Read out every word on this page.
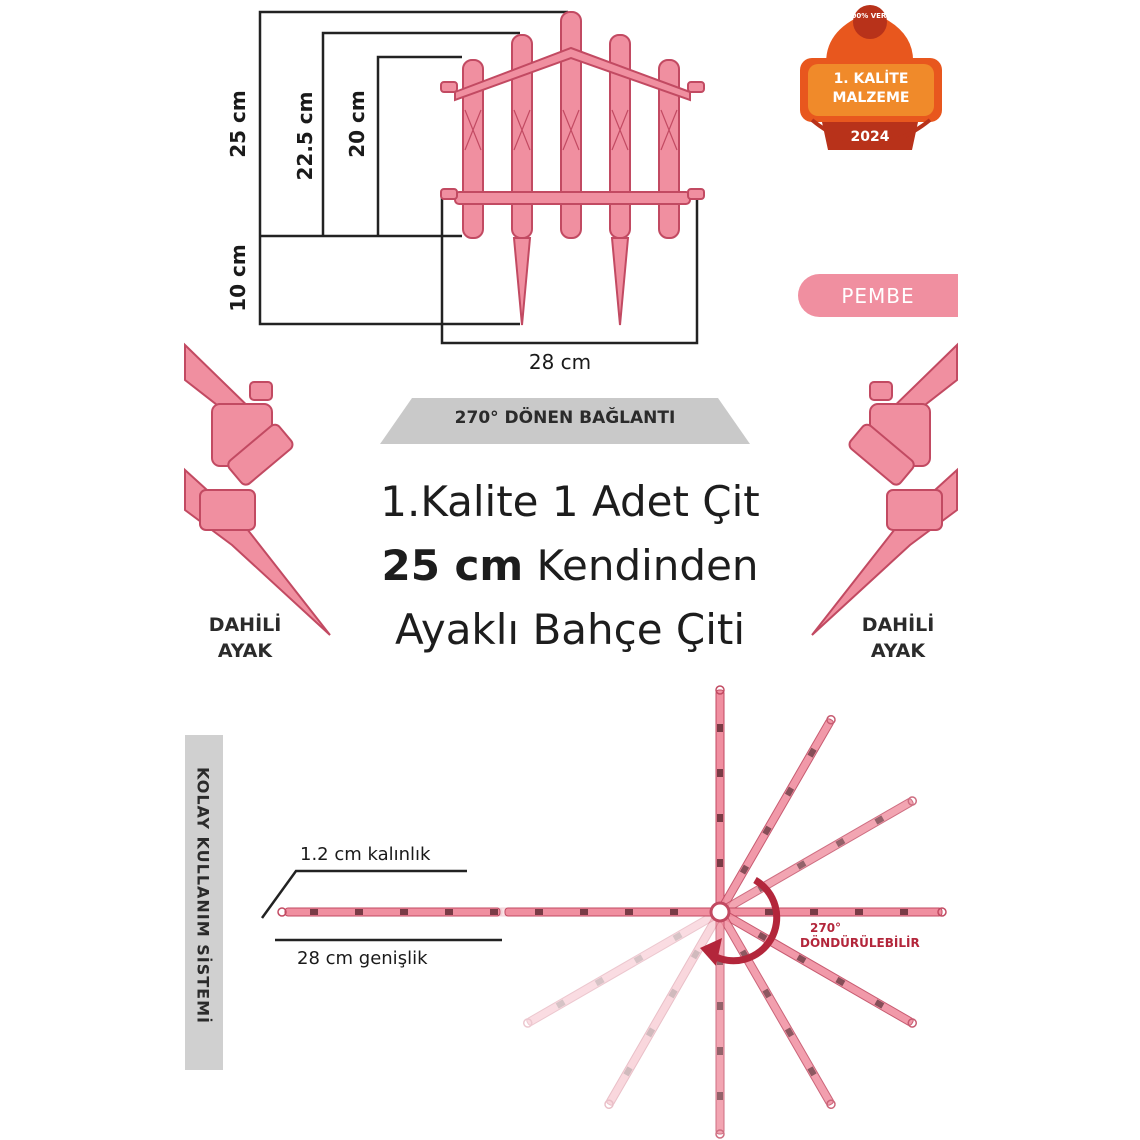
25 cm 22.5 cm 20 cm
10 cm
28 cm
100% VERLİ
1. KALİTE
MALZEME
2024
PEMBE
270° DÖNEN BAĞLANTI
1.Kalite 1 Adet Çit
25 cm Kendinden
Ayaklı Bahçe Çiti
DAHİLİ
AYAK
DAHİLİ
AYAK
KOLAY KULLANIM SİSTEMİ	1.2 cm kalınlık
28 cm genişlik
270°
DÖNDÜRÜLEBİLİR
